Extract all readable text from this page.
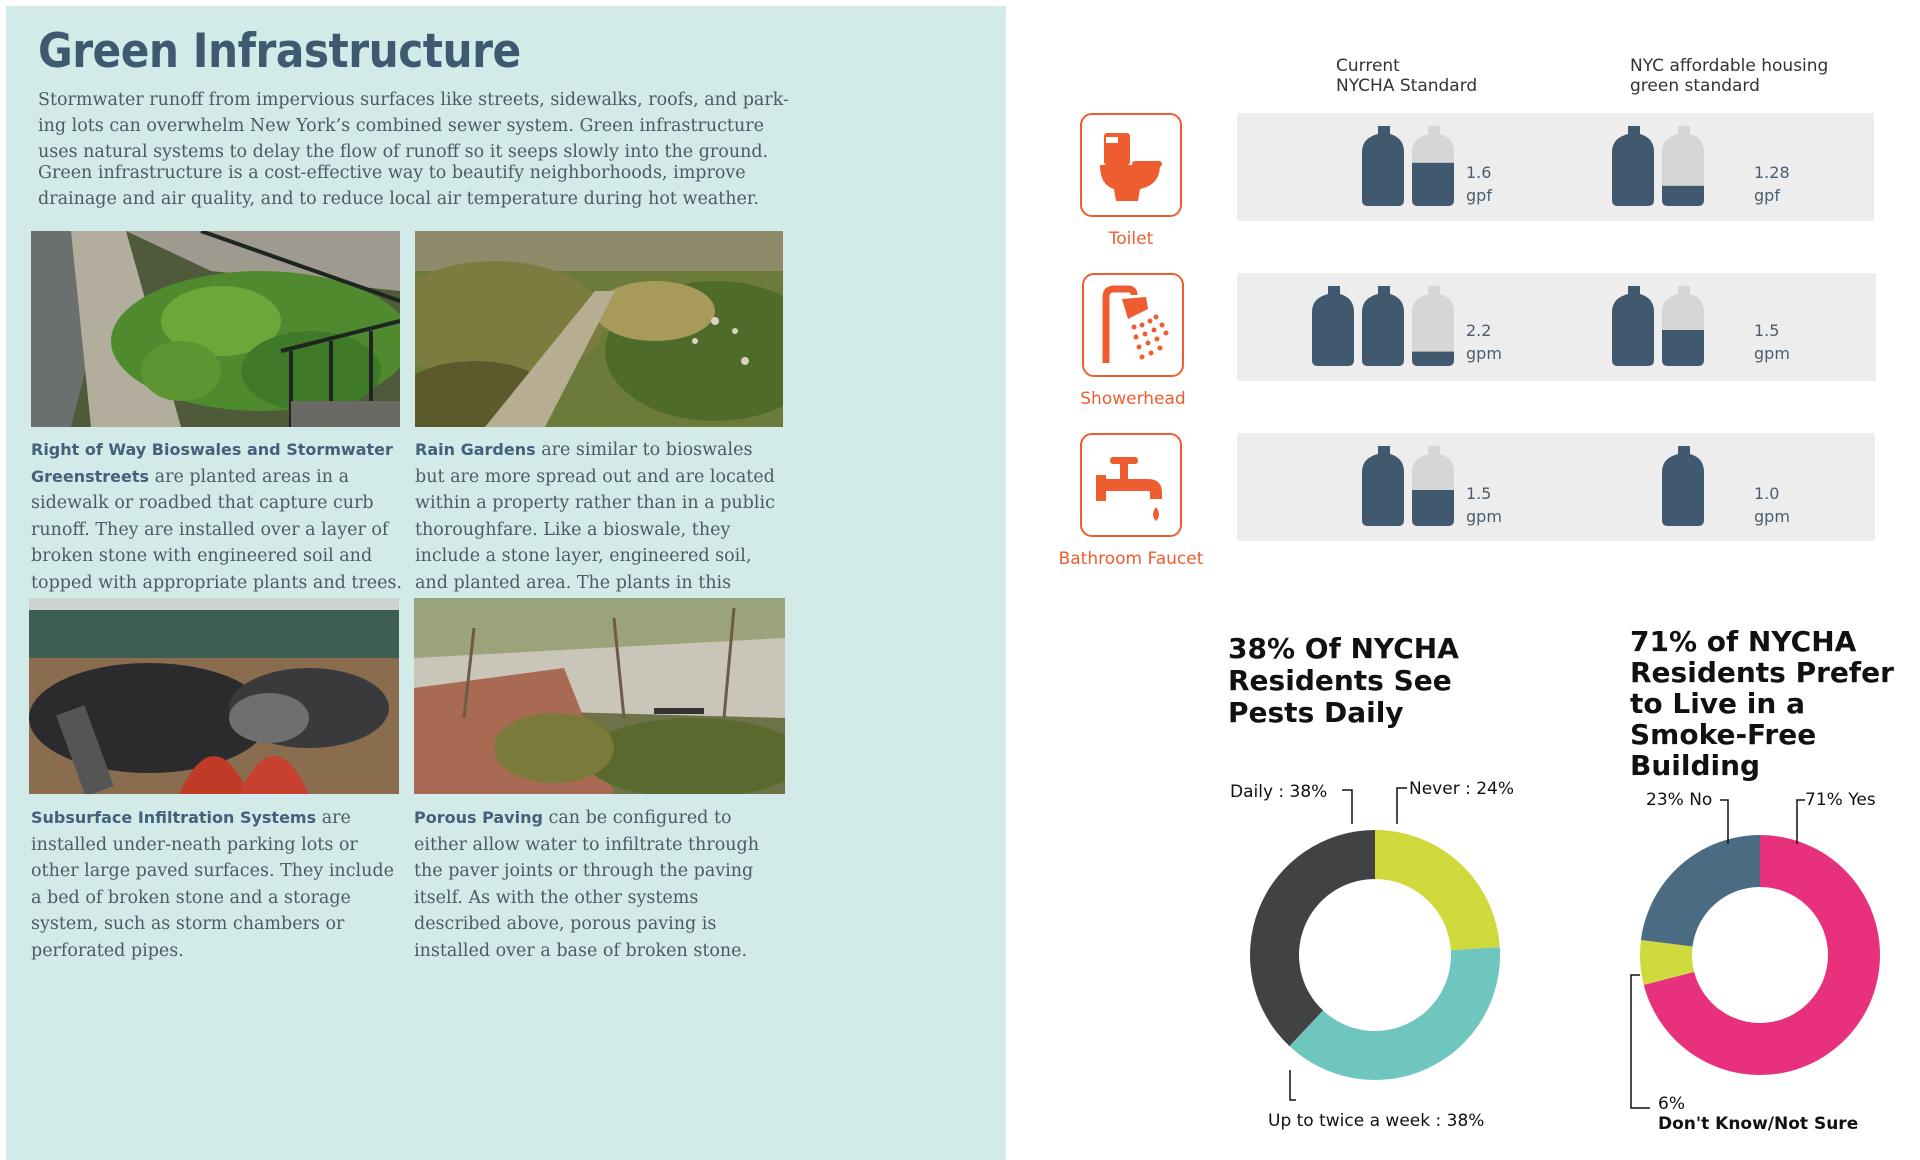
Green Infrastructure

Stormwater runoff from impervious surfaces like streets, sidewalks, roofs, and park-ing lots can overwhelm New York’s combined sewer system. Green infrastructure uses natural systems to delay the flow of runoff so it seeps slowly into the ground.

Green infrastructure is a cost-effective way to beautify neighborhoods, improve drainage and air quality, and to reduce local air temperature during hot weather.

Right of Way Bioswales and Stormwater Greenstreets are planted areas in a sidewalk or roadbed that capture curb runoff. They are installed over a layer of broken stone with engineered soil and topped with appropriate plants and trees.

Rain Gardens are similar to bioswales but are more spread out and are located within a property rather than in a public thoroughfare. Like a bioswale, they include a stone layer, engineered soil, and planted area. The plants in this

Subsurface Infiltration Systems are installed under-neath parking lots or other large paved surfaces. They include a bed of broken stone and a storage system, such as storm chambers or perforated pipes.

Porous Paving can be configured to either allow water to infiltrate through the paver joints or through the paving itself. As with the other systems described above, porous paving is installed over a base of broken stone.

Current
NYCHA Standard
NYC affordable housing
green standard
Toilet
Showerhead
Bathroom Faucet
1.6
gpf
1.28
gpf
2.2
gpm
1.5
gpm
1.5
gpm
1.0
gpm
38% Of NYCHA Residents See Pests Daily
71% of NYCHA Residents Prefer to Live in a Smoke-Free Building
Daily : 38%	Never : 24%
Up to twice a week : 38%
23% No	71% Yes
6%
Don't Know/Not Sure
